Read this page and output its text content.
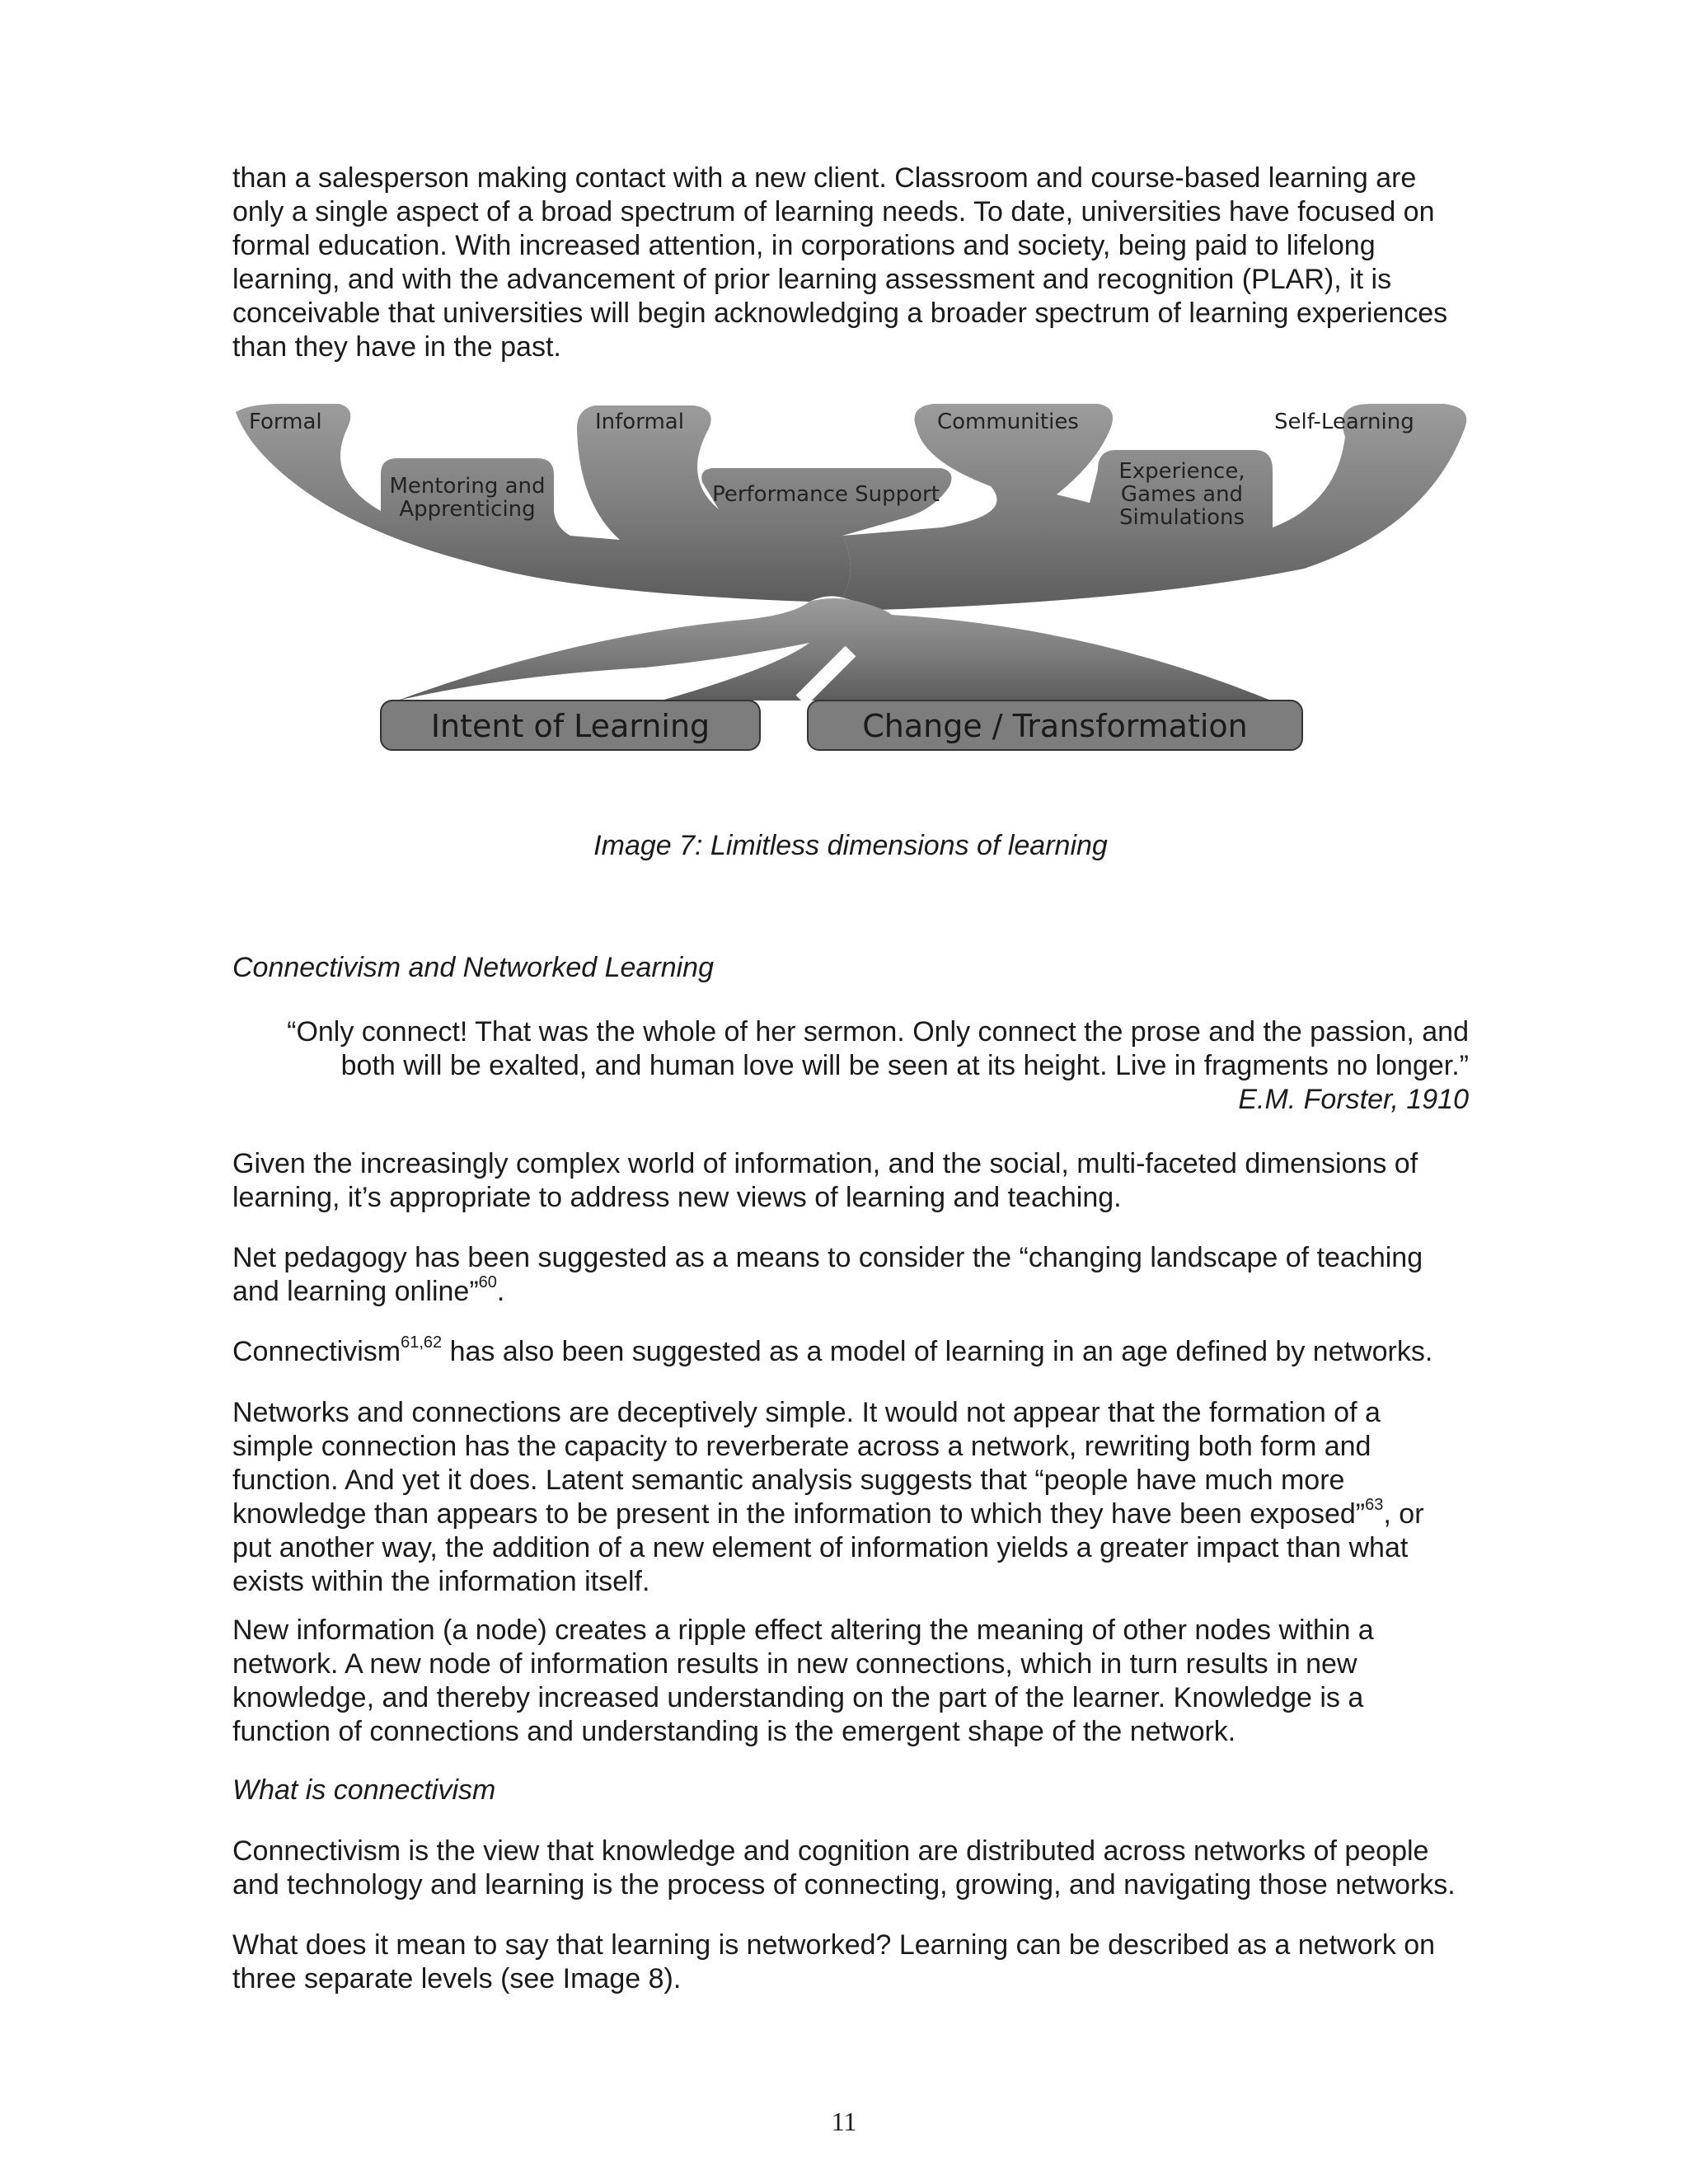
than a salesperson making contact with a new client. Classroom and course-based learning are only a single aspect of a broad spectrum of learning needs. To date, universities have focused on formal education. With increased attention, in corporations and society, being paid to lifelong learning, and with the advancement of prior learning assessment and recognition (PLAR), it is conceivable that universities will begin acknowledging a broader spectrum of learning experiences than they have in the past.

Formal	Informal	Communities	Self-Learning
Mentoring and
Apprenticing
Performance Support
Experience,
Games and
Simulations
Intent of Learning	Change / Transformation
Image 7: Limitless dimensions of learning
Connectivism and Networked Learning
“Only connect! That was the whole of her sermon. Only connect the prose and the passion, and
both will be exalted, and human love will be seen at its height. Live in fragments no longer.”
E.M. Forster, 1910

Given the increasingly complex world of information, and the social, multi-faceted dimensions of learning, it’s appropriate to address new views of learning and teaching.

Net pedagogy has been suggested as a means to consider the “changing landscape of teaching and learning online”$^{60}$.

Connectivism$^{61,62}$ has also been suggested as a model of learning in an age defined by networks.

Networks and connections are deceptively simple. It would not appear that the formation of a simple connection has the capacity to reverberate across a network, rewriting both form and function. And yet it does. Latent semantic analysis suggests that “people have much more knowledge than appears to be present in the information to which they have been exposed”$^{63}$, or put another way, the addition of a new element of information yields a greater impact than what exists within the information itself.

New information (a node) creates a ripple effect altering the meaning of other nodes within a network. A new node of information results in new connections, which in turn results in new knowledge, and thereby increased understanding on the part of the learner. Knowledge is a function of connections and understanding is the emergent shape of the network.

What is connectivism

Connectivism is the view that knowledge and cognition are distributed across networks of people and technology and learning is the process of connecting, growing, and navigating those networks.

What does it mean to say that learning is networked? Learning can be described as a network on three separate levels (see Image 8).

11
